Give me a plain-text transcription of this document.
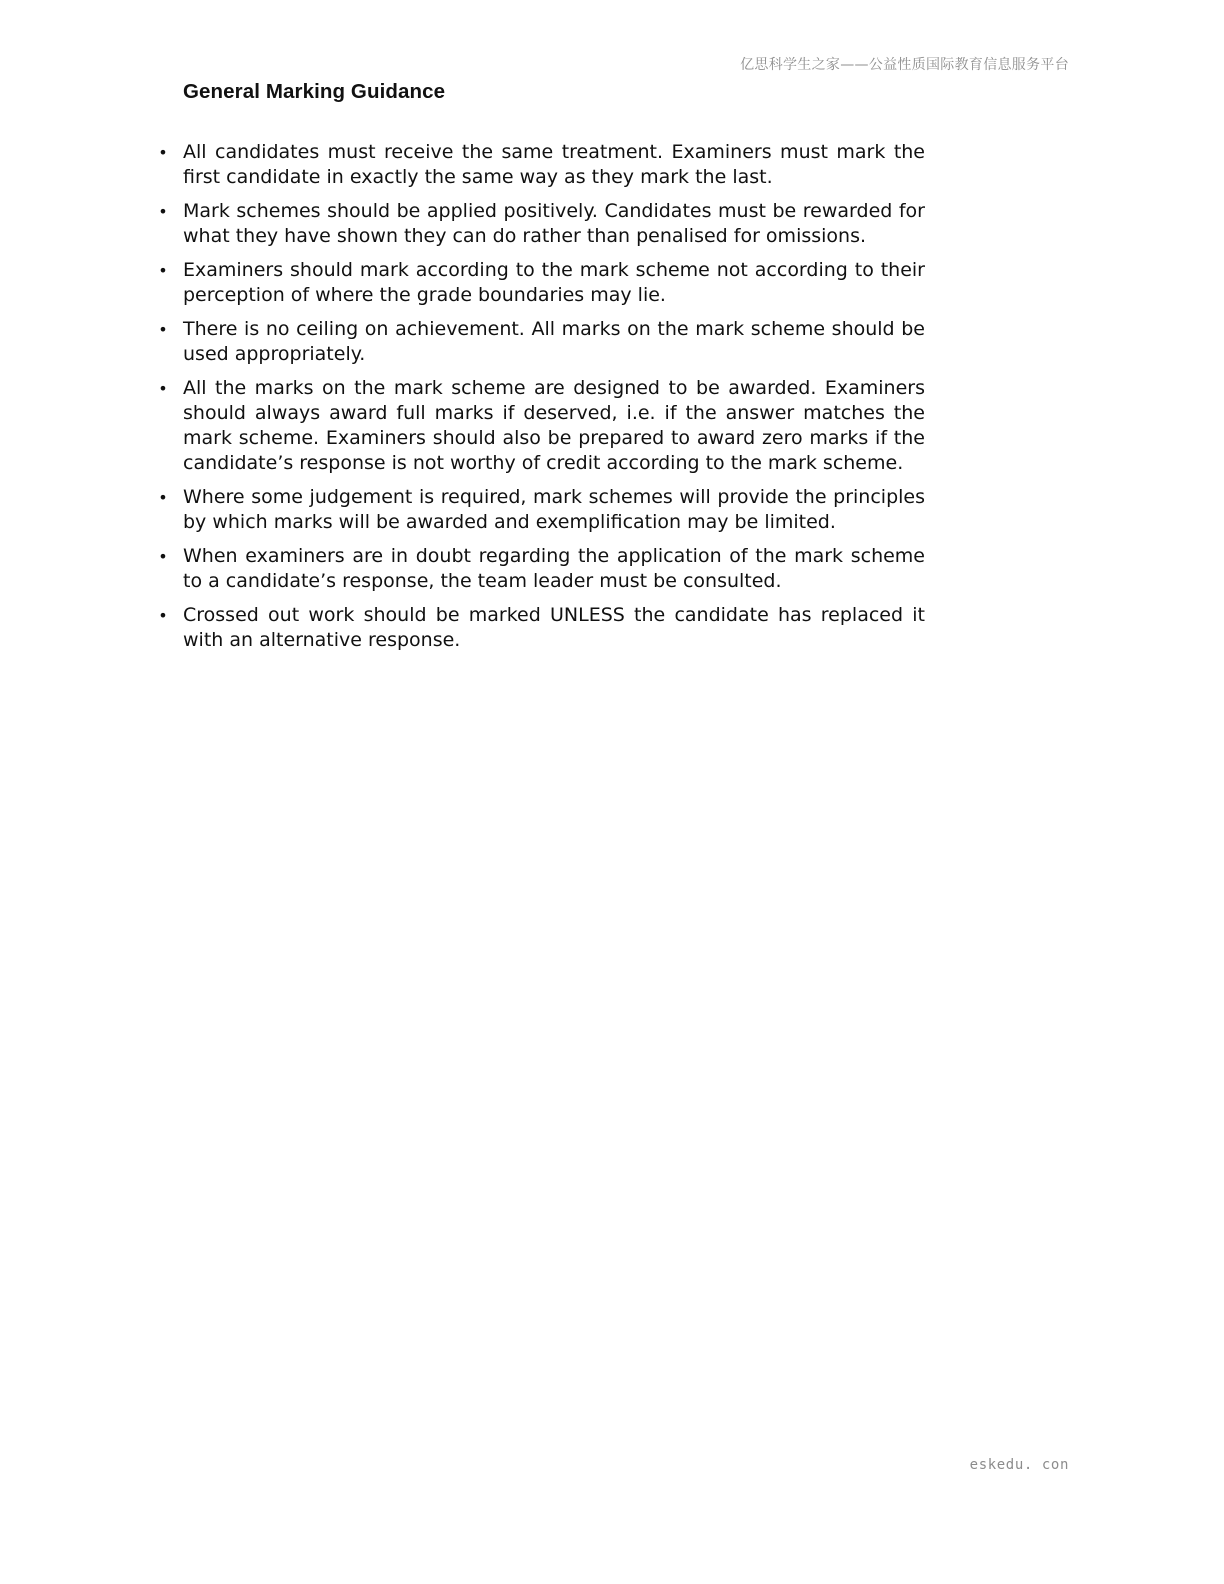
亿思科学生之家——公益性质国际教育信息服务平台
General Marking Guidance
• All candidates must receive the same treatment. Examiners must mark the first candidate in exactly the same way as they mark the last.
• Mark schemes should be applied positively. Candidates must be rewarded for what they have shown they can do rather than penalised for omissions.
• Examiners should mark according to the mark scheme not according to their perception of where the grade boundaries may lie.
• There is no ceiling on achievement. All marks on the mark scheme should be used appropriately.
• All the marks on the mark scheme are designed to be awarded. Examiners should always award full marks if deserved, i.e. if the answer matches the mark scheme. Examiners should also be prepared to award zero marks if the candidate’s response is not worthy of credit according to the mark scheme.
• Where some judgement is required, mark schemes will provide the principles by which marks will be awarded and exemplification may be limited.
• When examiners are in doubt regarding the application of the mark scheme to a candidate’s response, the team leader must be consulted.
• Crossed out work should be marked UNLESS the candidate has replaced it with an alternative response.
eskedu. con
